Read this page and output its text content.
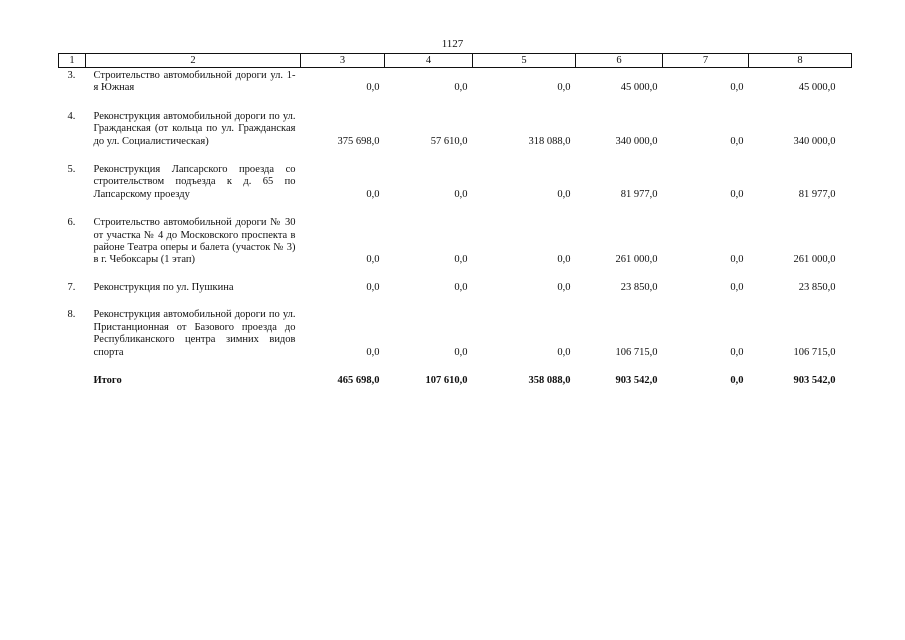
1127
1	2	3	4	5	6	7	8
3.	Строительство автомобильной дороги ул. 1-я Южная	0,0	0,0	0,0	45 000,0	0,0	45 000,0

4.	Реконструкция автомобильной дороги по ул. Гражданская (от кольца по ул. Гражданская до ул. Социалистическая)	375 698,0	57 610,0	318 088,0	340 000,0	0,0	340 000,0

5.	Реконструкция Лапсарского проезда со строительством подъезда к д. 65 по Лапсарскому проезду	0,0	0,0	0,0	81 977,0	0,0	81 977,0

6.	Строительство автомобильной дороги № 30 от участка № 4 до Московского проспекта в районе Театра оперы и балета (участок № 3) в г. Чебоксары (1 этап)	0,0	0,0	0,0	261 000,0	0,0	261 000,0

7.	Реконструкция по ул. Пушкина	0,0	0,0	0,0	23 850,0	0,0	23 850,0

8.	Реконструкция автомобильной дороги по ул. Пристанционная от Базового проезда до Республиканского центра зимних видов спорта	0,0	0,0	0,0	106 715,0	0,0	106 715,0

	Итого	465 698,0	107 610,0	358 088,0	903 542,0	0,0	903 542,0
